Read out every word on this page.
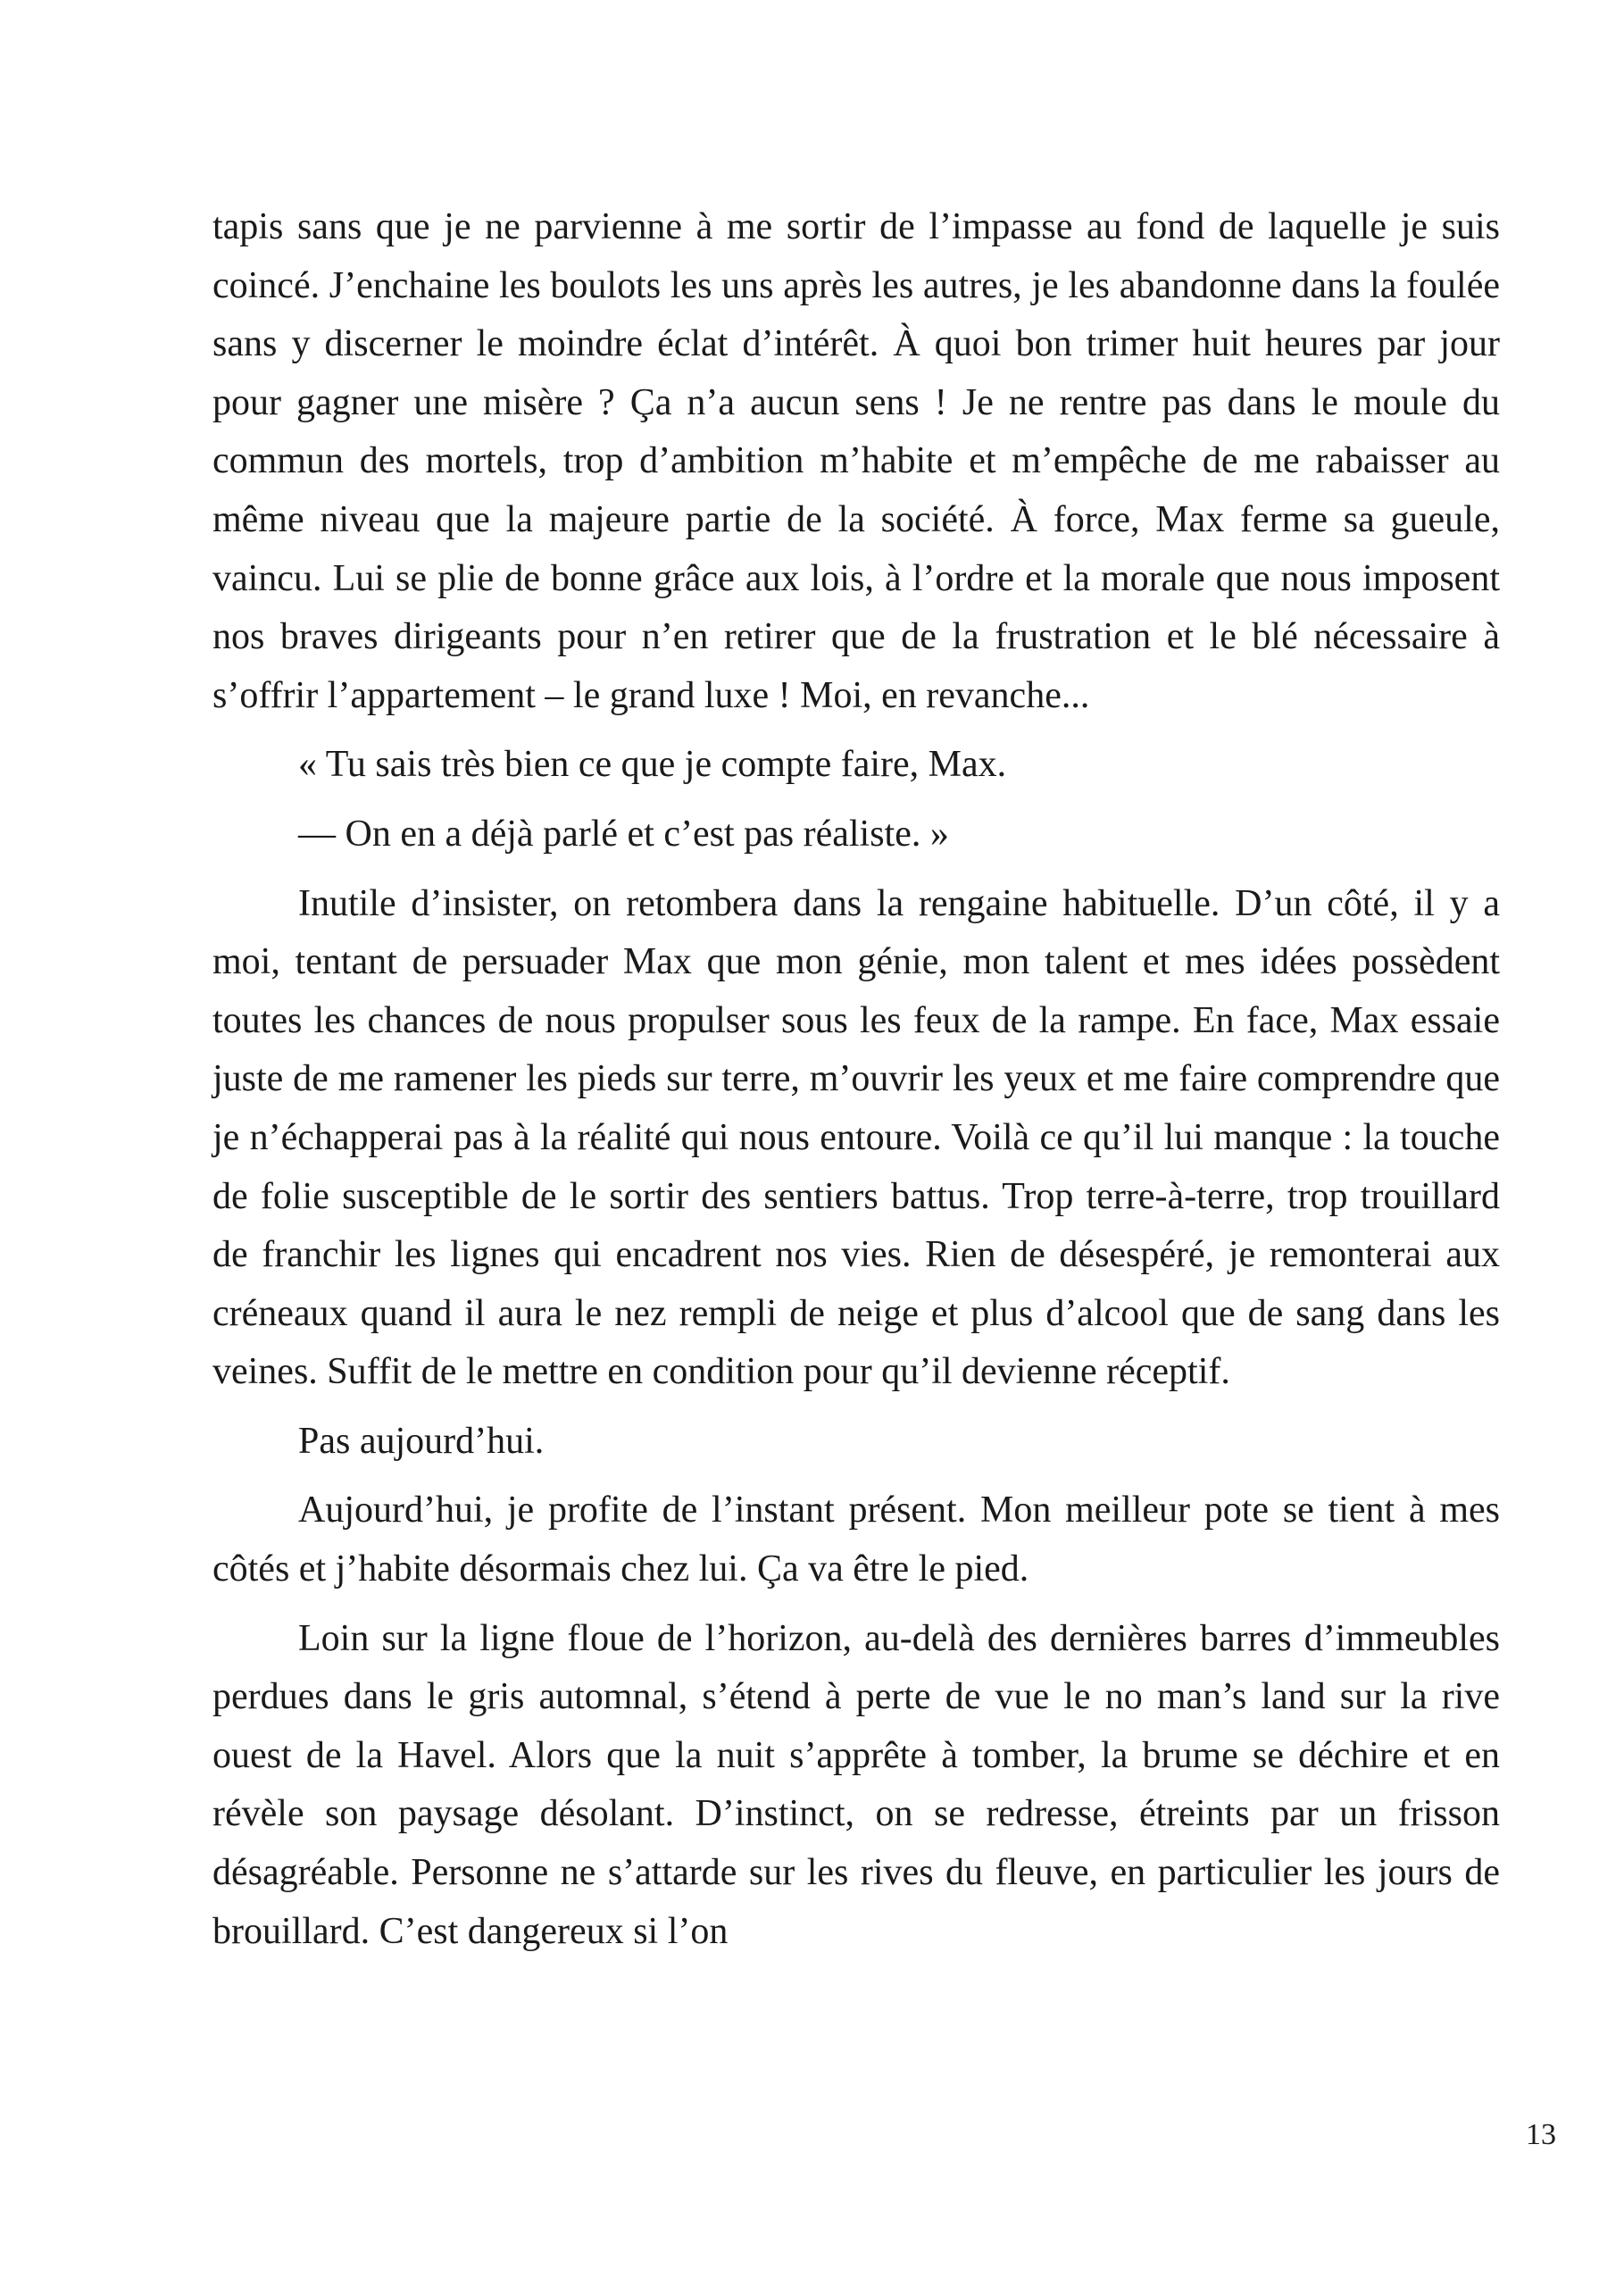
tapis sans que je ne parvienne à me sortir de l’impasse au fond de laquelle je suis coincé. J’enchaine les boulots les uns après les autres, je les abandonne dans la foulée sans y discerner le moindre éclat d’intérêt. À quoi bon trimer huit heures par jour pour gagner une misère ? Ça n’a aucun sens ! Je ne rentre pas dans le moule du commun des mortels, trop d’ambition m’habite et m’empêche de me rabaisser au même niveau que la majeure partie de la société. À force, Max ferme sa gueule, vaincu. Lui se plie de bonne grâce aux lois, à l’ordre et la morale que nous imposent nos braves dirigeants pour n’en retirer que de la frustration et le blé nécessaire à s’offrir l’appartement – le grand luxe ! Moi, en revanche...

« Tu sais très bien ce que je compte faire, Max.

— On en a déjà parlé et c’est pas réaliste. »

Inutile d’insister, on retombera dans la rengaine habituelle. D’un côté, il y a moi, tentant de persuader Max que mon génie, mon talent et mes idées possèdent toutes les chances de nous propulser sous les feux de la rampe. En face, Max essaie juste de me ramener les pieds sur terre, m’ouvrir les yeux et me faire comprendre que je n’échapperai pas à la réalité qui nous entoure. Voilà ce qu’il lui manque : la touche de folie susceptible de le sortir des sentiers battus. Trop terre-à-terre, trop trouillard de franchir les lignes qui encadrent nos vies. Rien de désespéré, je remonterai aux créneaux quand il aura le nez rempli de neige et plus d’alcool que de sang dans les veines. Suffit de le mettre en condition pour qu’il devienne réceptif.

Pas aujourd’hui.

Aujourd’hui, je profite de l’instant présent. Mon meilleur pote se tient à mes côtés et j’habite désormais chez lui. Ça va être le pied.

Loin sur la ligne floue de l’horizon, au-delà des dernières barres d’immeubles perdues dans le gris automnal, s’étend à perte de vue le no man’s land sur la rive ouest de la Havel. Alors que la nuit s’apprête à tomber, la brume se déchire et en révèle son paysage désolant. D’instinct, on se redresse, étreints par un frisson désagréable. Personne ne s’attarde sur les rives du fleuve, en particulier les jours de brouillard. C’est dangereux si l’on

13
